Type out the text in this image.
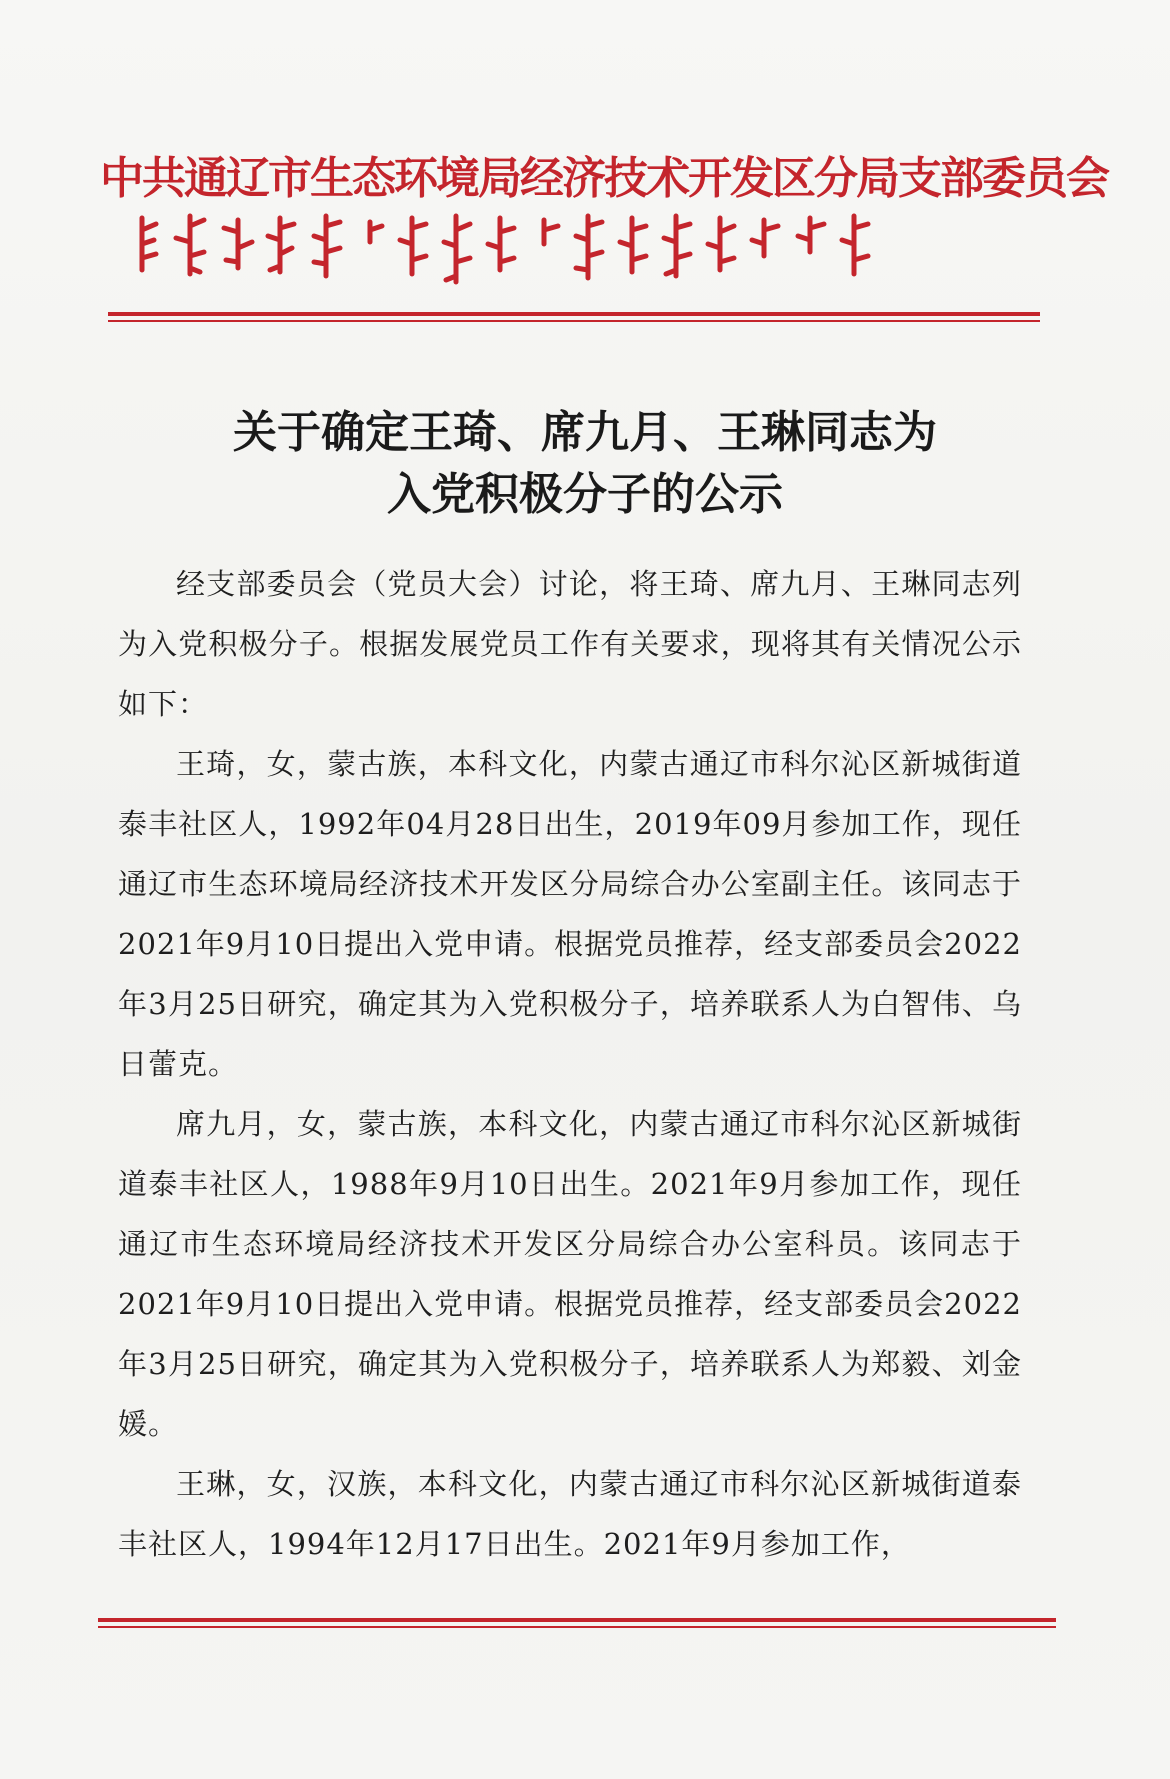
中共通辽市生态环境局经济技术开发区分局支部委员会
关于确定王琦、席九月、王琳同志为
入党积极分子的公示

经支部委员会（党员大会）讨论，将王琦、席九月、王琳同志列为入党积极分子。根据发展党员工作有关要求，现将其有关情况公示如下：

王琦，女，蒙古族，本科文化，内蒙古通辽市科尔沁区新城街道泰丰社区人，1992年04月28日出生，2019年09月参加工作，现任通辽市生态环境局经济技术开发区分局综合办公室副主任。该同志于2021年9月10日提出入党申请。根据党员推荐，经支部委员会2022年3月25日研究，确定其为入党积极分子，培养联系人为白智伟、乌日蕾克。

席九月，女，蒙古族，本科文化，内蒙古通辽市科尔沁区新城街道泰丰社区人，1988年9月10日出生。2021年9月参加工作，现任通辽市生态环境局经济技术开发区分局综合办公室科员。该同志于2021年9月10日提出入党申请。根据党员推荐，经支部委员会2022年3月25日研究，确定其为入党积极分子，培养联系人为郑毅、刘金媛。

王琳，女，汉族，本科文化，内蒙古通辽市科尔沁区新城街道泰丰社区人，1994年12月17日出生。2021年9月参加工作，
